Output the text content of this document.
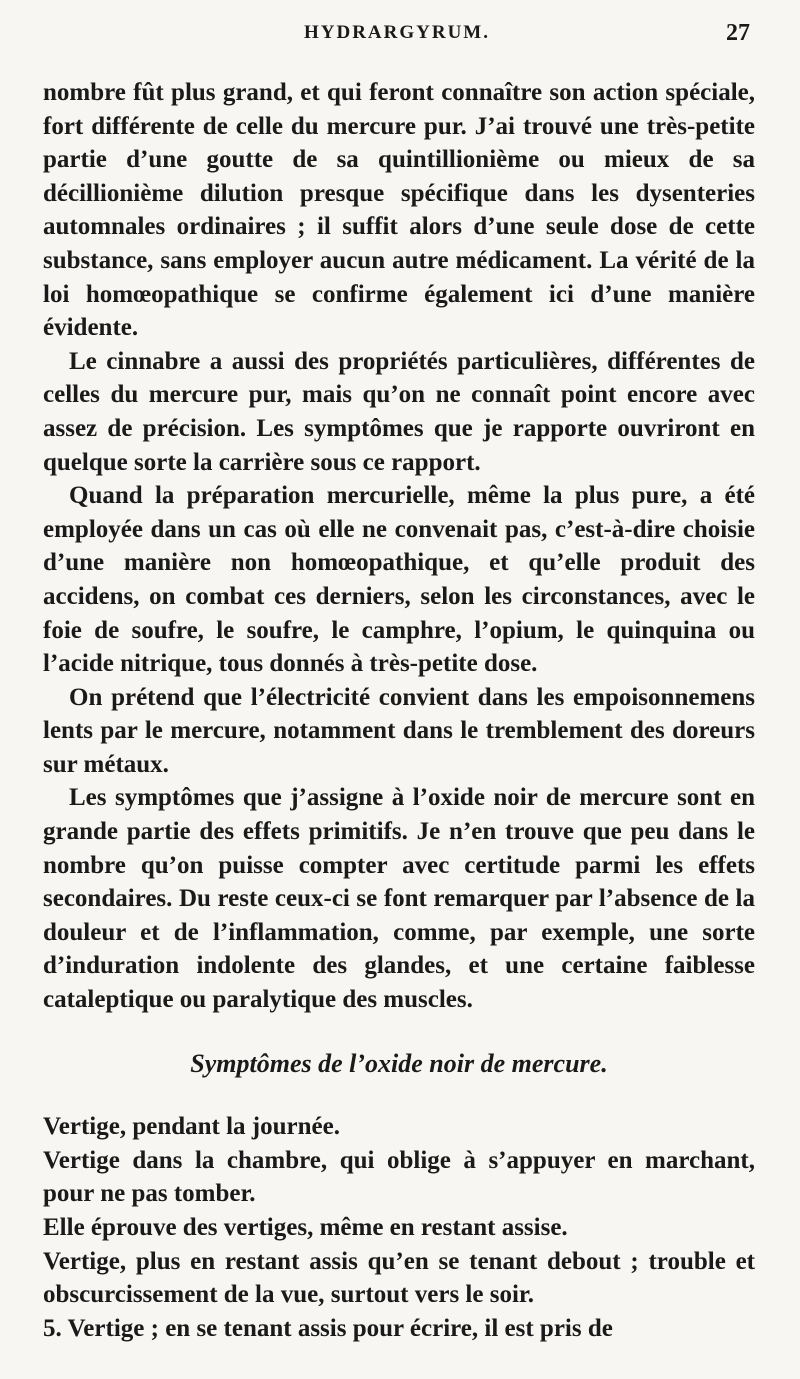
HYDRARGYRUM.	27

nombre fût plus grand, et qui feront connaître son action spéciale, fort différente de celle du mercure pur. J’ai trouvé une très-petite partie d’une goutte de sa quintillionième ou mieux de sa décillionième dilution presque spécifique dans les dysenteries automnales ordinaires ; il suffit alors d’une seule dose de cette substance, sans employer aucun autre médicament. La vérité de la loi homœopathique se confirme également ici d’une manière évidente.

Le cinnabre a aussi des propriétés particulières, différentes de celles du mercure pur, mais qu’on ne connaît point encore avec assez de précision. Les symptômes que je rapporte ouvriront en quelque sorte la carrière sous ce rapport.

Quand la préparation mercurielle, même la plus pure, a été employée dans un cas où elle ne convenait pas, c’est-à-dire choisie d’une manière non homœopathique, et qu’elle produit des accidens, on combat ces derniers, selon les circonstances, avec le foie de soufre, le soufre, le camphre, l’opium, le quinquina ou l’acide nitrique, tous donnés à très-petite dose.

On prétend que l’électricité convient dans les empoisonnemens lents par le mercure, notamment dans le tremblement des doreurs sur métaux.

Les symptômes que j’assigne à l’oxide noir de mercure sont en grande partie des effets primitifs. Je n’en trouve que peu dans le nombre qu’on puisse compter avec certitude parmi les effets secondaires. Du reste ceux-ci se font remarquer par l’absence de la douleur et de l’inflammation, comme, par exemple, une sorte d’induration indolente des glandes, et une certaine faiblesse cataleptique ou paralytique des muscles.

Symptômes de l’oxide noir de mercure.

Vertige, pendant la journée.

Vertige dans la chambre, qui oblige à s’appuyer en marchant, pour ne pas tomber.

Elle éprouve des vertiges, même en restant assise.

Vertige, plus en restant assis qu’en se tenant debout ; trouble et obscurcissement de la vue, surtout vers le soir.

5. Vertige ; en se tenant assis pour écrire, il est pris de
